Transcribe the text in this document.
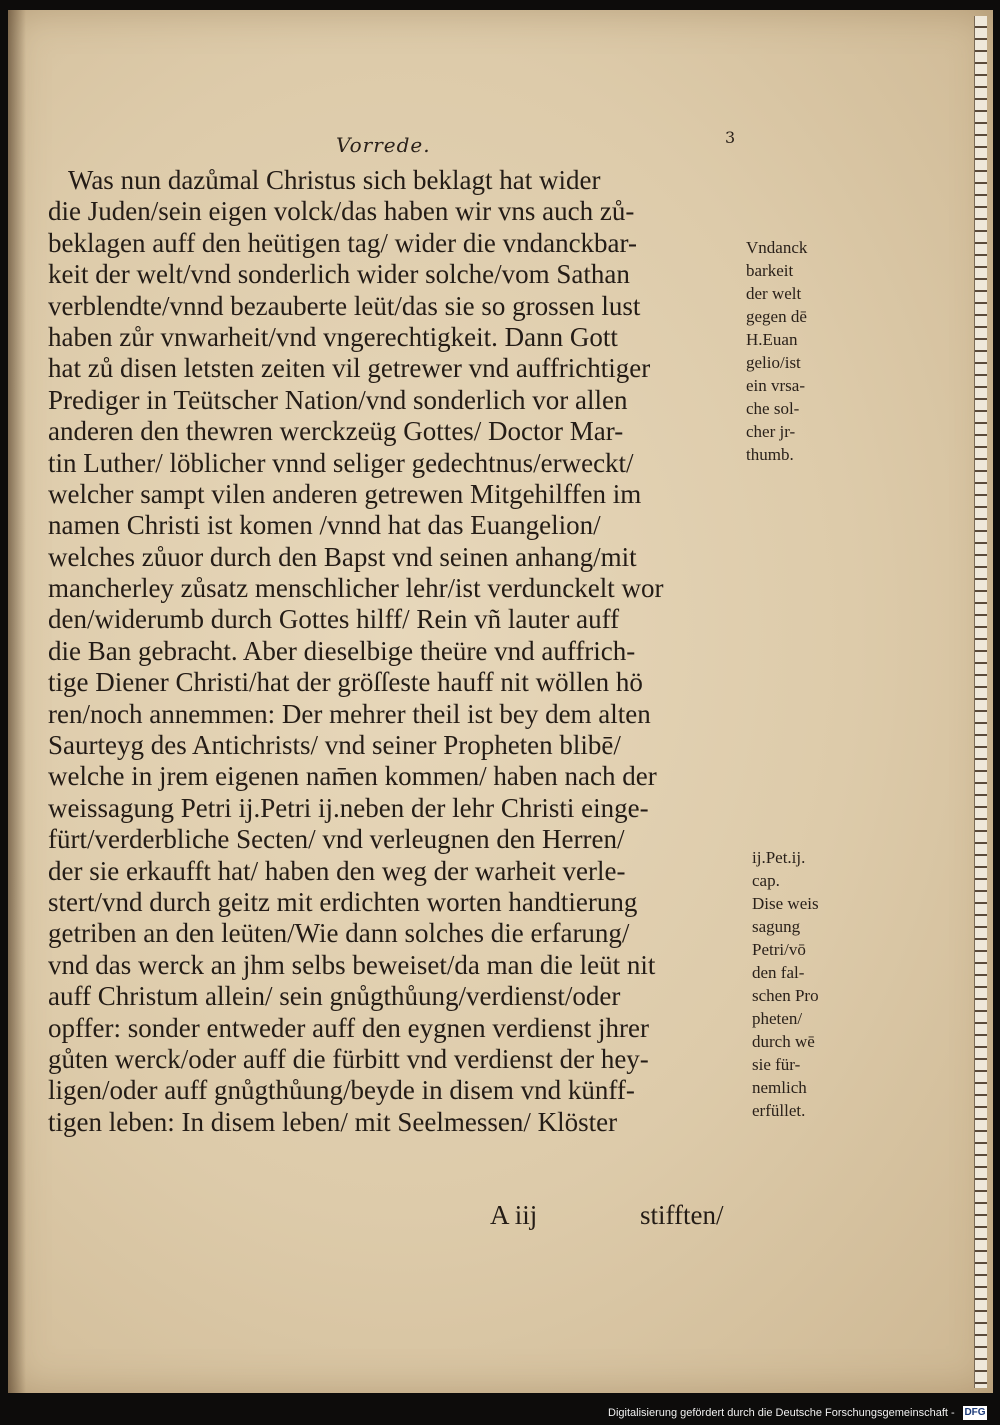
Vorrede.	3
Was nun dazůmal Christus sich beklagt hat wider
die Juden/sein eigen volck/das haben wir vns auch zů-
beklagen auff den heütigen tag/ wider die vndanckbar-
keit der welt/vnd sonderlich wider solche/vom Sathan
verblendte/vnnd bezauberte leüt/das sie so grossen lust
haben zůr vnwarheit/vnd vngerechtigkeit. Dann Gott
hat zů disen letsten zeiten vil getrewer vnd auffrichtiger
Prediger in Teütscher Nation/vnd sonderlich vor allen
anderen den thewren werckzeüg Gottes/ Doctor Mar-
tin Luther/ löblicher vnnd seliger gedechtnus/erweckt/
welcher sampt vilen anderen getrewen Mitgehilffen im
namen Christi ist komen /vnnd hat das Euangelion/
welches zůuor durch den Bapst vnd seinen anhang/mit
mancherley zůsatz menschlicher lehr/ist verdunckelt wor
den/widerumb durch Gottes hilff/ Rein vñ lauter auff
die Ban gebracht. Aber dieselbige theüre vnd auffrich-
tige Diener Christi/hat der gröſſeste hauff nit wöllen hö
ren/noch annemmen: Der mehrer theil ist bey dem alten
Saurteyg des Antichrists/ vnd seiner Propheten blibē/
welche in jrem eigenen nam̄en kommen/ haben nach der
weissagung Petri ij.Petri ij.neben der lehr Christi einge-
fürt/verderbliche Secten/ vnd verleugnen den Herren/
der sie erkaufft hat/ haben den weg der warheit verle-
stert/vnd durch geitz mit erdichten worten handtierung
getriben an den leüten/Wie dann solches die erfarung/
vnd das werck an jhm selbs beweiset/da man die leüt nit
auff Christum allein/ sein gnůgthůung/verdienst/oder
opffer: sonder entweder auff den eygnen verdienst jhrer
gůten werck/oder auff die fürbitt vnd verdienst der hey-
ligen/oder auff gnůgthůung/beyde in disem vnd künff-
tigen leben: In disem leben/ mit Seelmessen/ Klöster
A iij	stifften/
Vndanck
barkeit
der welt
gegen dē
H.Euan
gelio/ist
ein vrsa-
che sol-
cher jr-
thumb.
ij.Pet.ij.
cap.
Dise weis
sagung
Petri/vō
den fal-
schen Pro
pheten/
durch wē
sie für-
nemlich
erfüllet.
Digitalisierung gefördert durch die Deutsche Forschungsgemeinschaft - DFG
